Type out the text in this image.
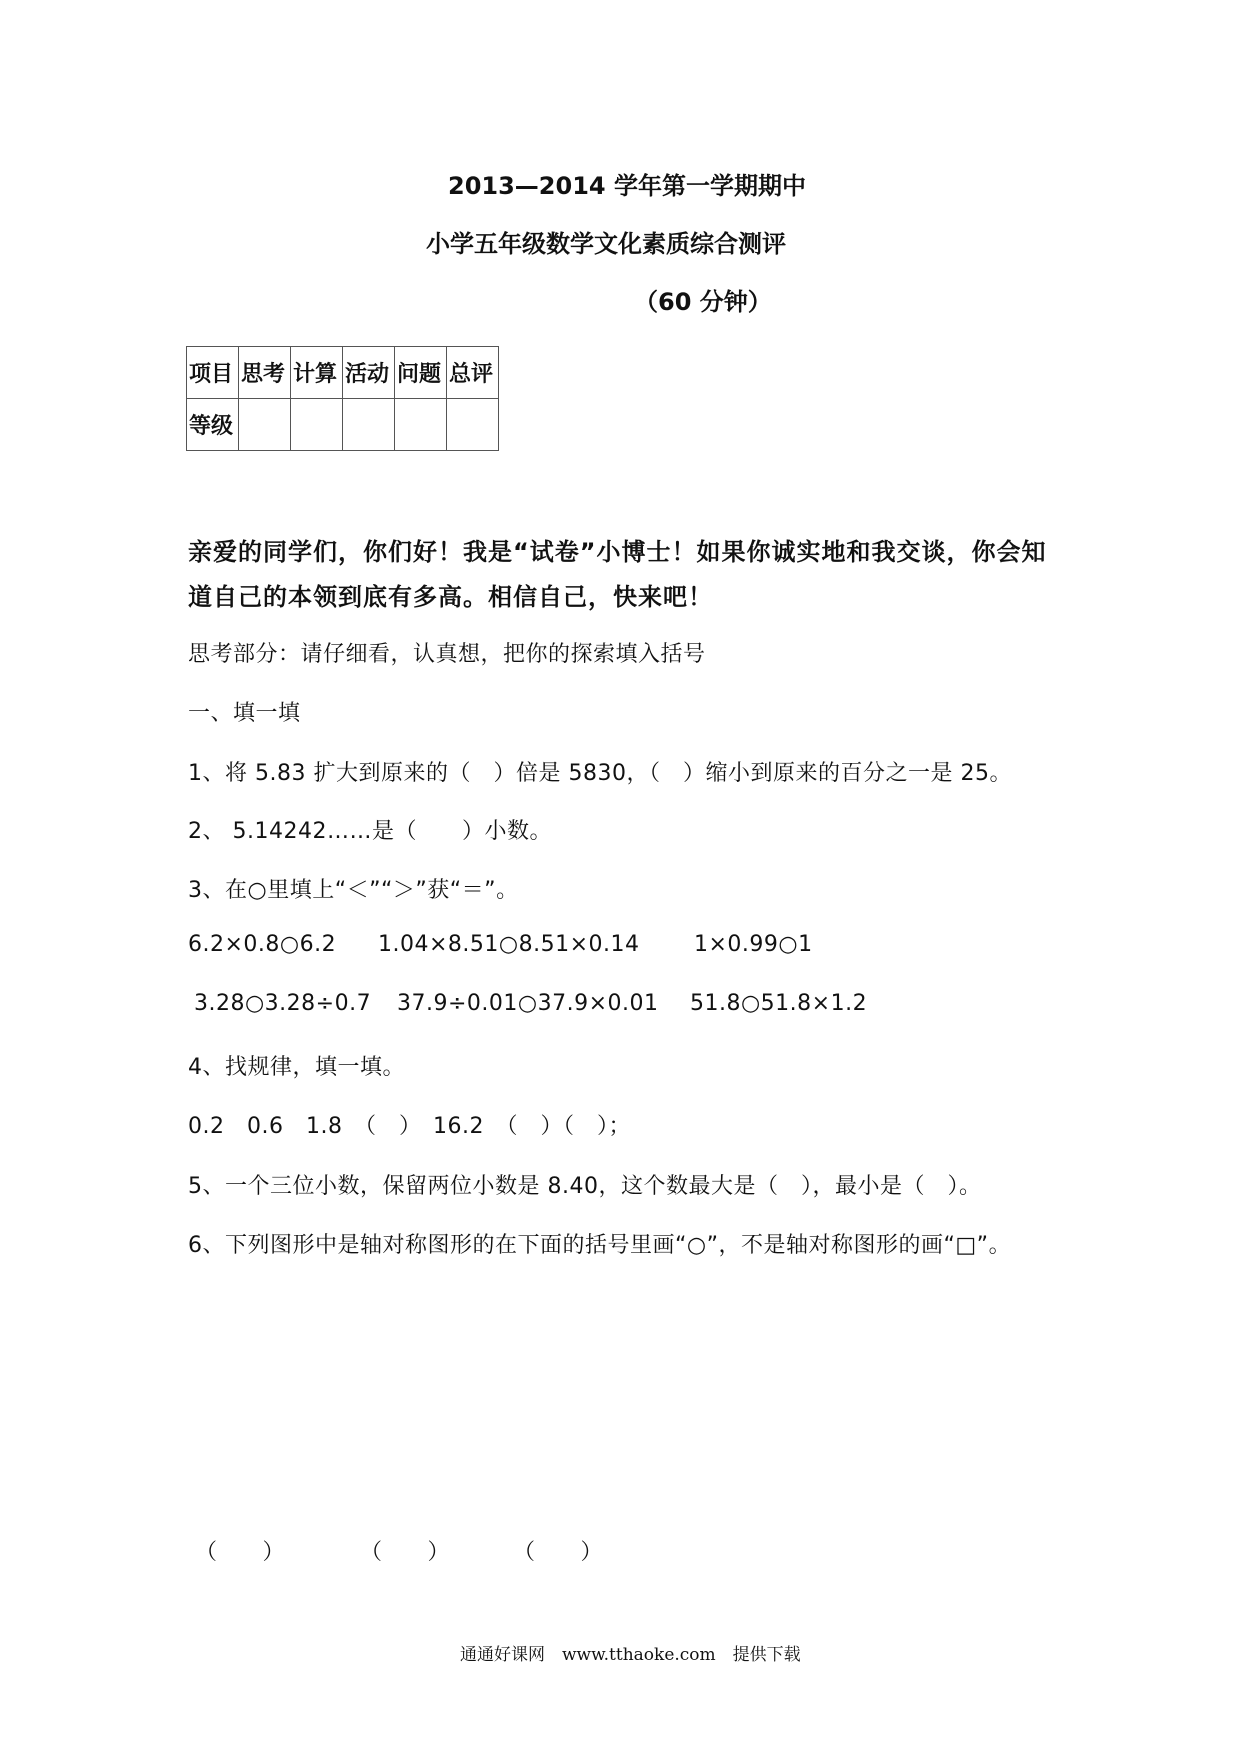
2013—2014 学年第一学期期中
小学五年级数学文化素质综合测评
（60 分钟）
项目	思考	计算	活动	问题	总评
等级					
亲爱的同学们，你们好！我是“试卷”小博士！如果你诚实地和我交谈，你会知
道自己的本领到底有多高。相信自己，快来吧！
思考部分：请仔细看，认真想，把你的探索填入括号
一、填一填
1、将 5.83 扩大到原来的（　）倍是 5830，（　）缩小到原来的百分之一是 25。
2、 5.14242……是（　　）小数。
3、在○里填上“＜”“＞”获“＝”。
6.2×0.8○6.2 1.04×8.51○8.51×0.14 1×0.99○1
3.28○3.28÷0.7 37.9÷0.01○37.9×0.01 51.8○51.8×1.2
4、找规律，填一填。
0.2　0.6　1.8　（　）　16.2　（　）（　）；
5、一个三位小数，保留两位小数是 8.40，这个数最大是（　），最小是（　）。
6、下列图形中是轴对称图形的在下面的括号里画“○”，不是轴对称图形的画“□”。
（　　）	（　　）	（　　）
通通好课网　www.tthaoke.com　提供下载
